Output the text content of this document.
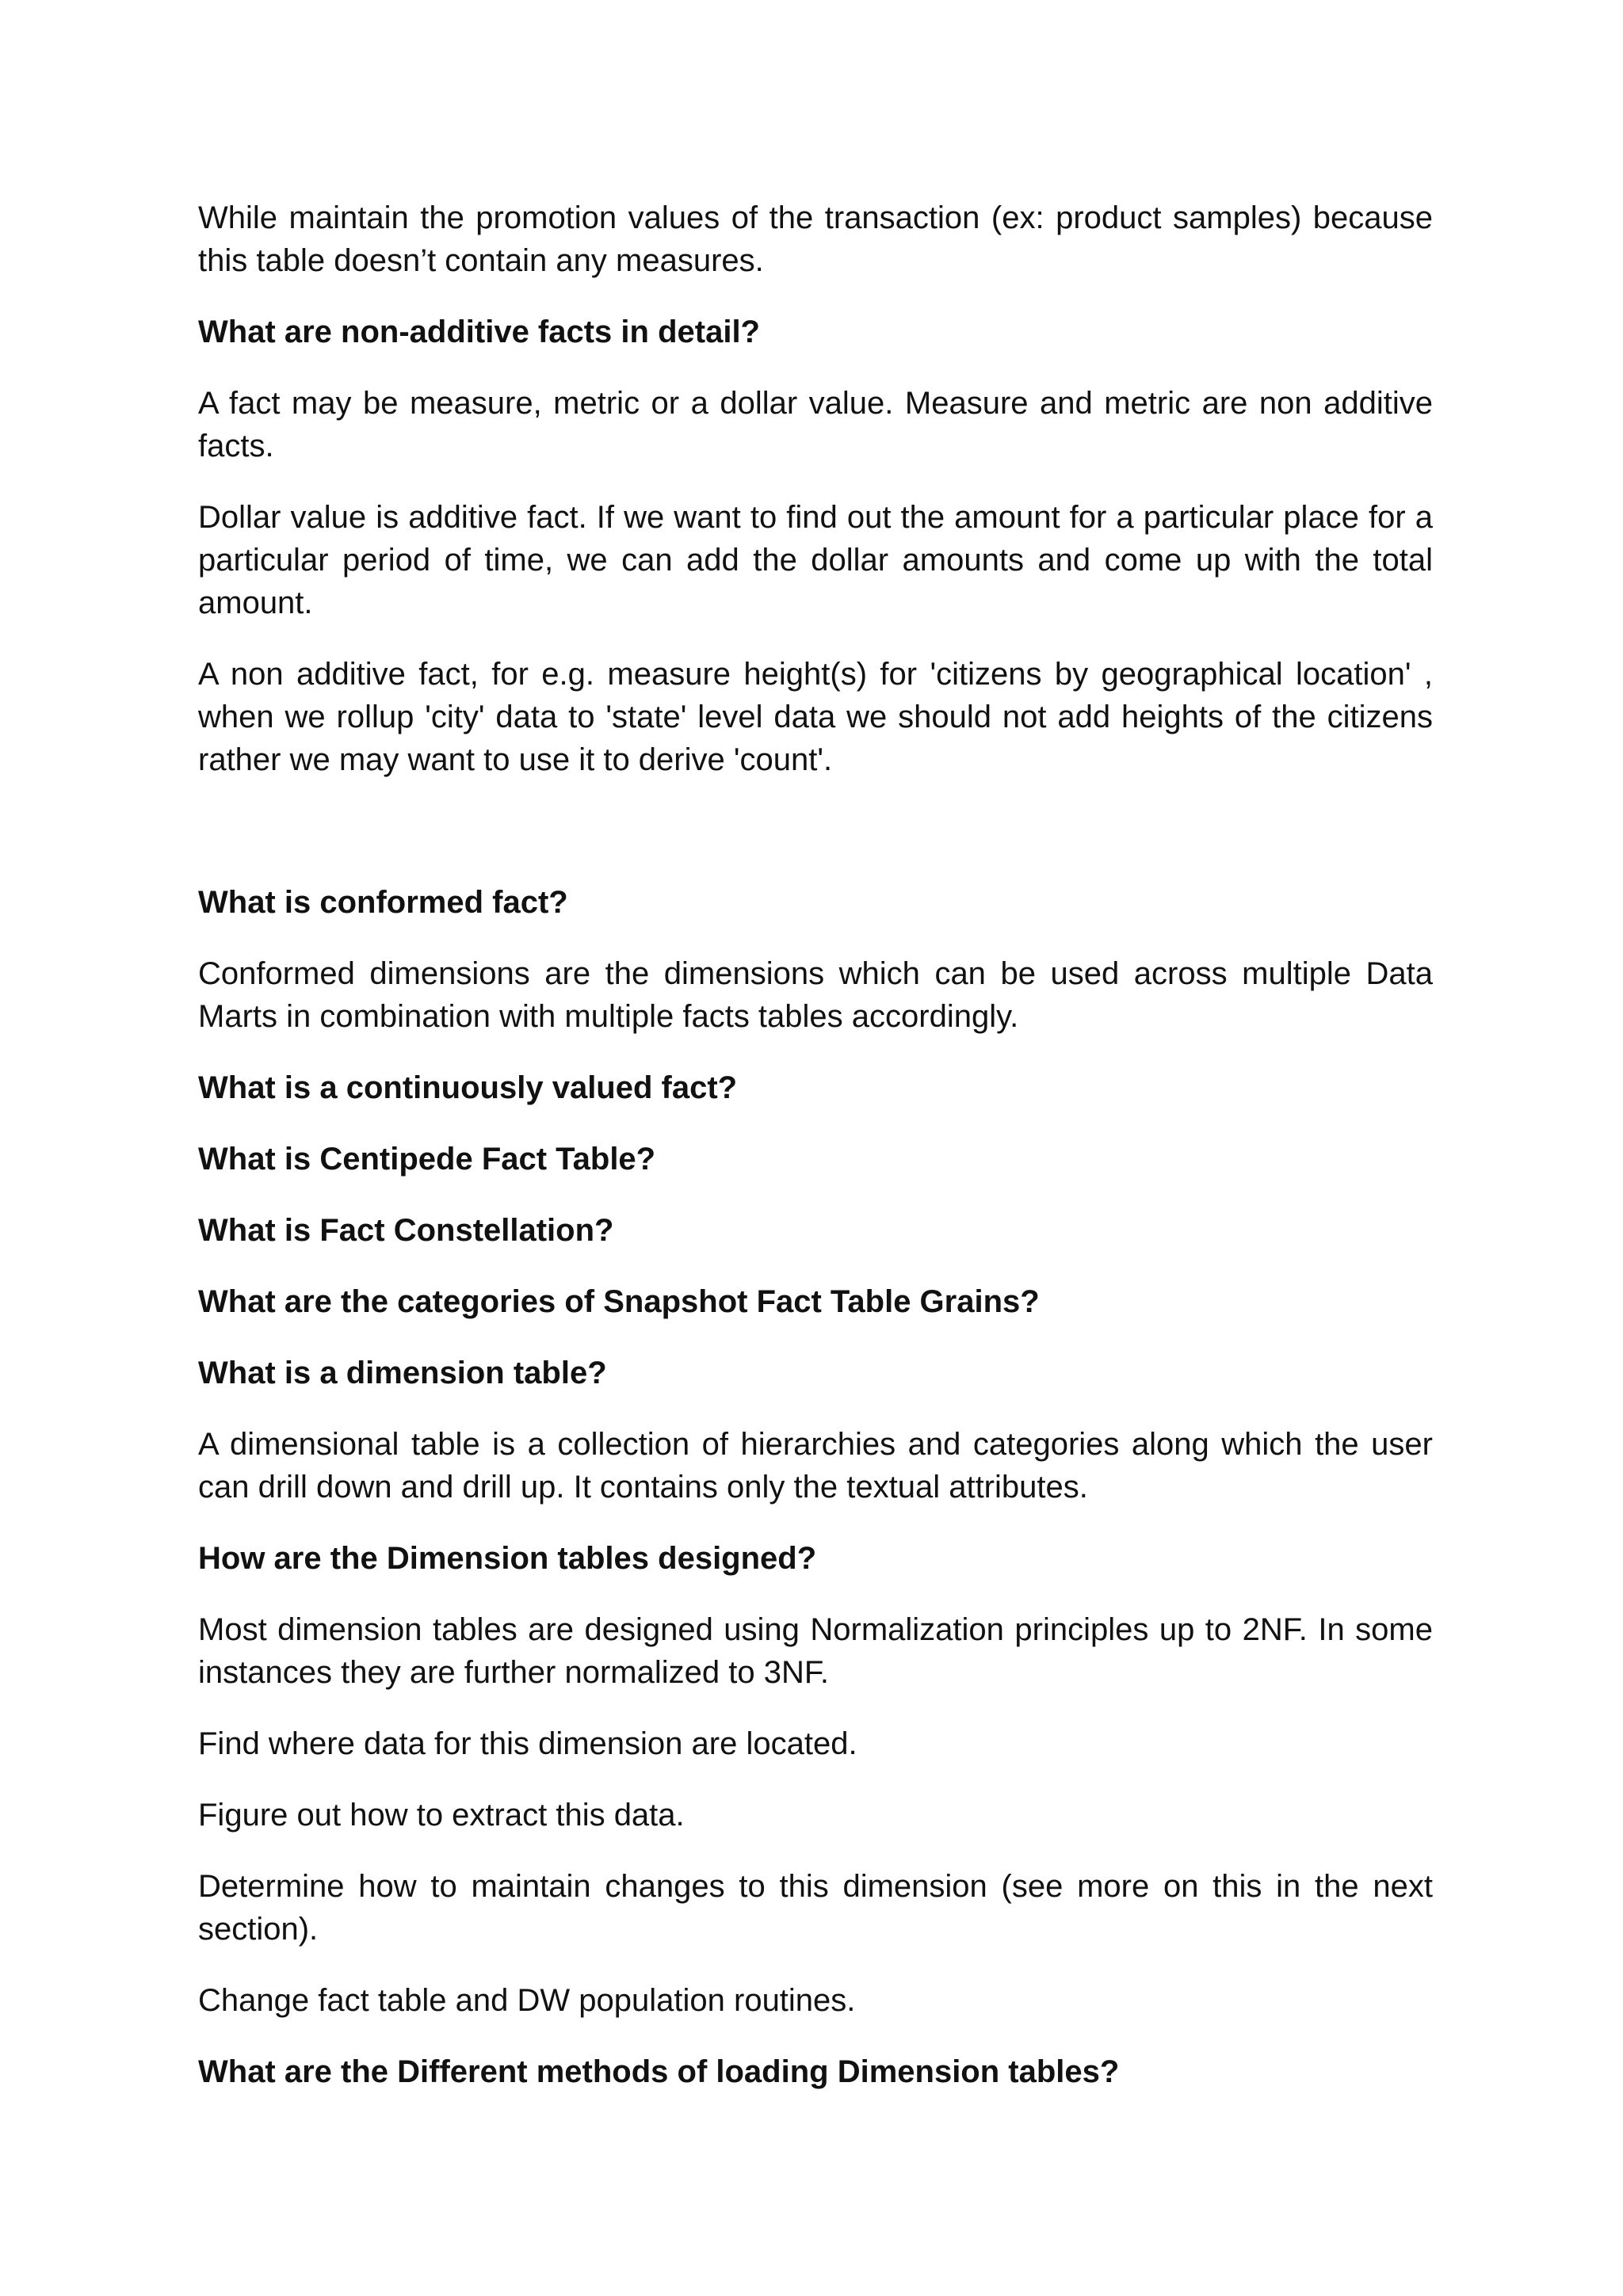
While maintain the promotion values of the transaction (ex: product samples) because this table doesn’t contain any measures.

What are non-additive facts in detail?

A fact may be measure, metric or a dollar value. Measure and metric are non additive facts.

Dollar value is additive fact. If we want to find out the amount for a particular place for a particular period of time, we can add the dollar amounts and come up with the total amount.

A non additive fact, for e.g. measure height(s) for 'citizens by geographical location' , when we rollup 'city' data to 'state' level data we should not add heights of the citizens rather we may want to use it to derive 'count'.

What is conformed fact?

Conformed dimensions are the dimensions which can be used across multiple Data Marts in combination with multiple facts tables accordingly.

What is a continuously valued fact?

What is Centipede Fact Table?

What is Fact Constellation?

What are the categories of Snapshot Fact Table Grains?

What is a dimension table?

A dimensional table is a collection of hierarchies and categories along which the user can drill down and drill up. It contains only the textual attributes.

How are the Dimension tables designed?

Most dimension tables are designed using Normalization principles up to 2NF. In some instances they are further normalized to 3NF.

Find where data for this dimension are located.

Figure out how to extract this data.

Determine how to maintain changes to this dimension (see more on this in the next section).

Change fact table and DW population routines.

What are the Different methods of loading Dimension tables?
